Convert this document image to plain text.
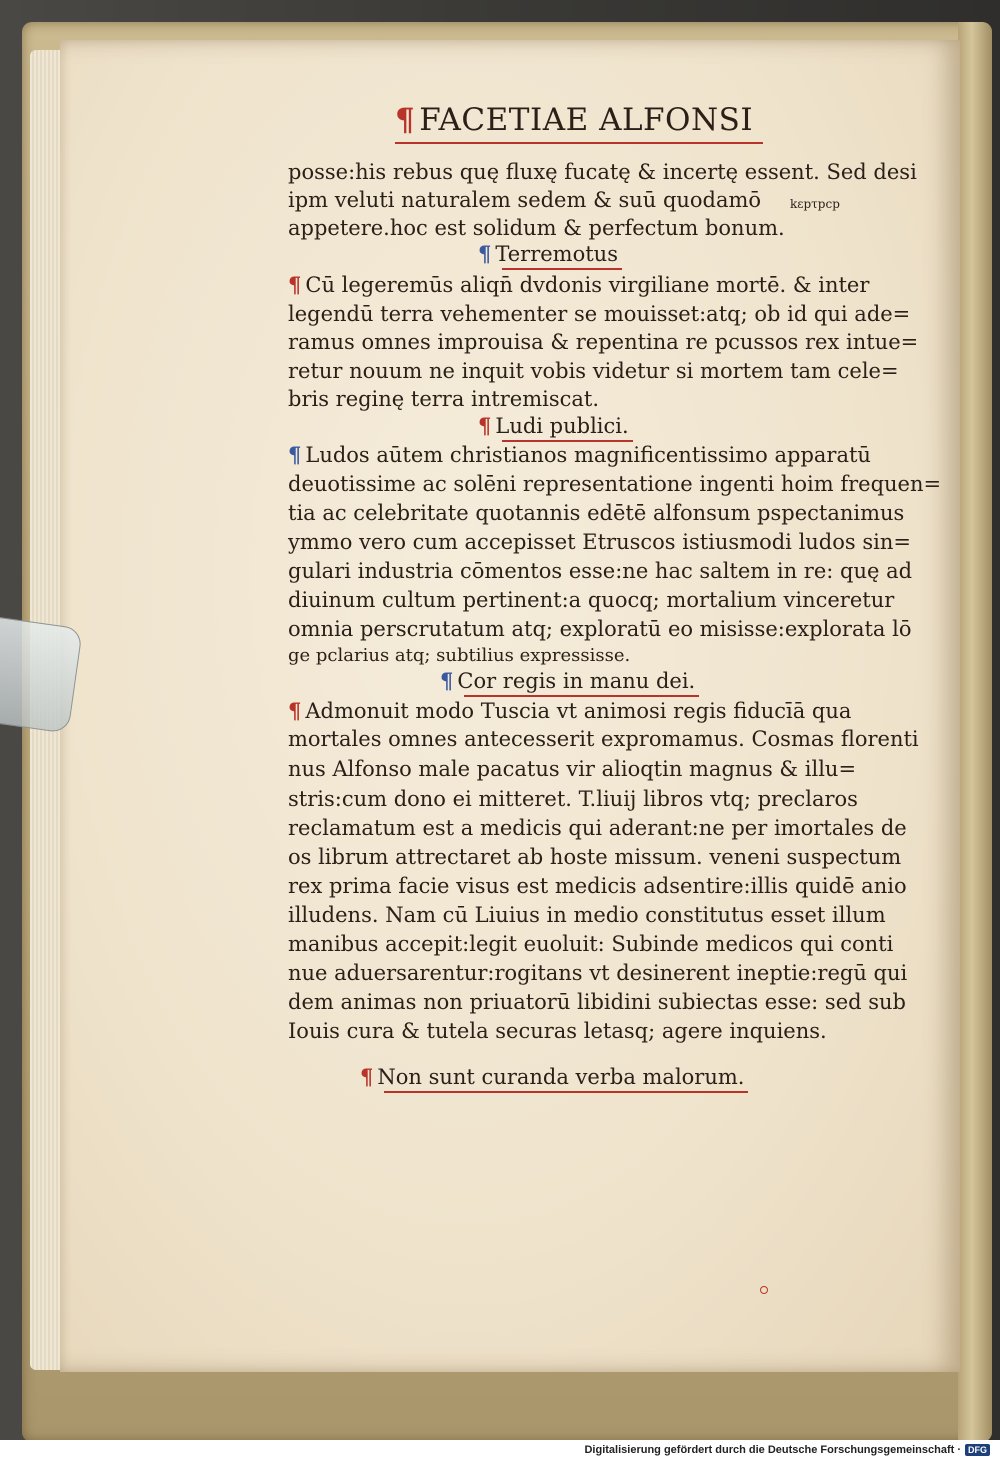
¶ FACETIAE ALFONSI
posse:his rebus quę fluxę fucatę & incertę essent. Sed desi
ipm veluti naturalem sedem & suū quodamō kεpτpcp
appetere.hoc est solidum & perfectum bonum.
¶ Terremotus
¶ Cū legeremūs aliqn̄ dvdonis virgiliane mortē. & inter
legendū terra vehementer se mouisset:atq; ob id qui ade=
ramus omnes improuisa & repentina re pcussos rex intue=
retur nouum ne inquit vobis videtur si mortem tam cele=
bris reginę terra intremiscat.
¶ Ludi publici.
¶ Ludos aūtem christianos magnificentissimo apparatū
deuotissime ac solēni representatione ingenti hoim frequen=
tia ac celebritate quotannis edētē alfonsum pspectanimus
ymmo vero cum accepisset Etruscos istiusmodi ludos sin=
gulari industria cōmentos esse:ne hac saltem in re: quę ad
diuinum cultum pertinent:a quocq; mortalium vinceretur
omnia perscrutatum atq; exploratū eo misisse:explorata lō
ge pclarius atq; subtilius expressisse.
¶ Cor regis in manu dei.
¶ Admonuit modo Tuscia vt animosi regis fiducīā qua
mortales omnes antecesserit expromamus. Cosmas florenti
nus Alfonso male pacatus vir alioqtin magnus & illu=
stris:cum dono ei mitteret. T.liuij libros vtq; preclaros
reclamatum est a medicis qui aderant:ne per imortales de
os librum attrectaret ab hoste missum. veneni suspectum
rex prima facie visus est medicis adsentire:illis quidē anio
illudens. Nam cū Liuius in medio constitutus esset illum
manibus accepit:legit euoluit: Subinde medicos qui conti
nue aduersarentur:rogitans vt desinerent ineptie:regū qui
dem animas non priuatorū libidini subiectas esse: sed sub
Iouis cura & tutela securas letasq; agere inquiens.
¶ Non sunt curanda verba malorum.
Digitalisierung gefördert durch die Deutsche Forschungsgemeinschaft · DFG
